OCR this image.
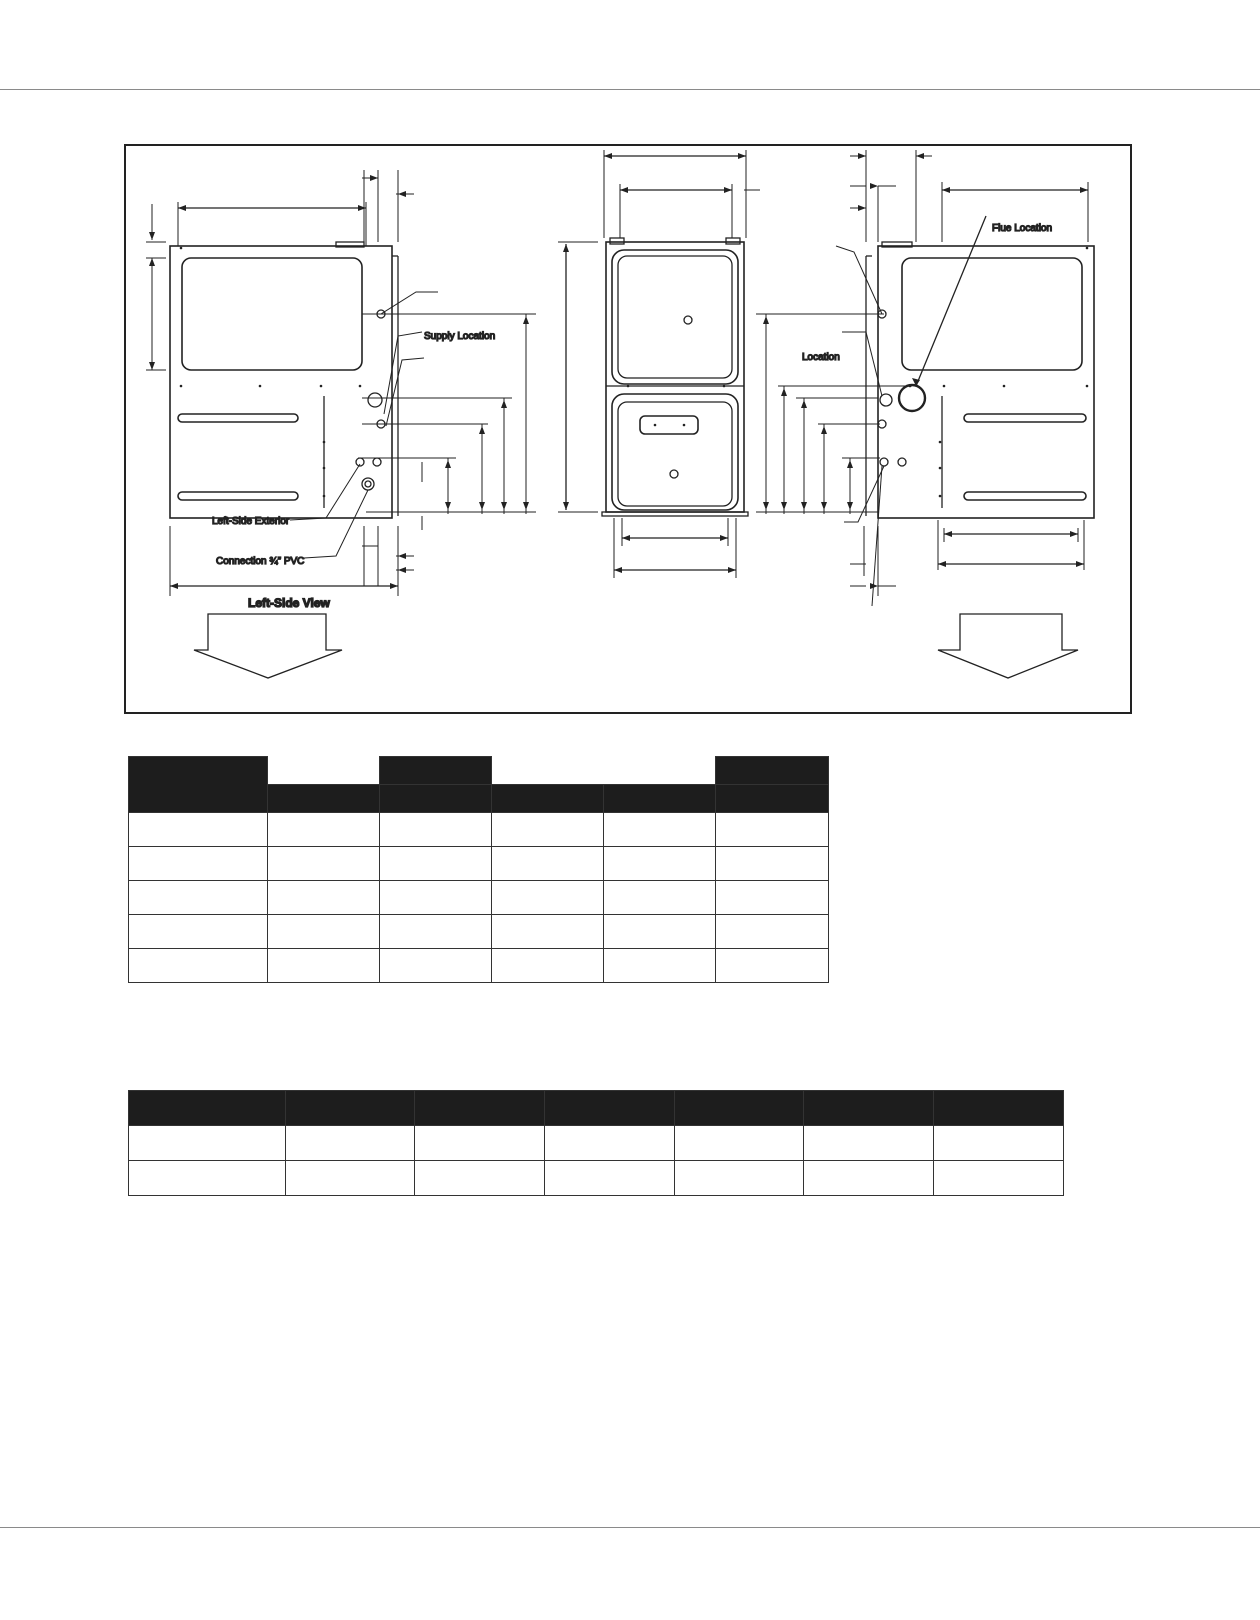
Supply Location
Left-Side Exterior
Connection ¾” PVC
Left-Side View
Location
Flue Location
